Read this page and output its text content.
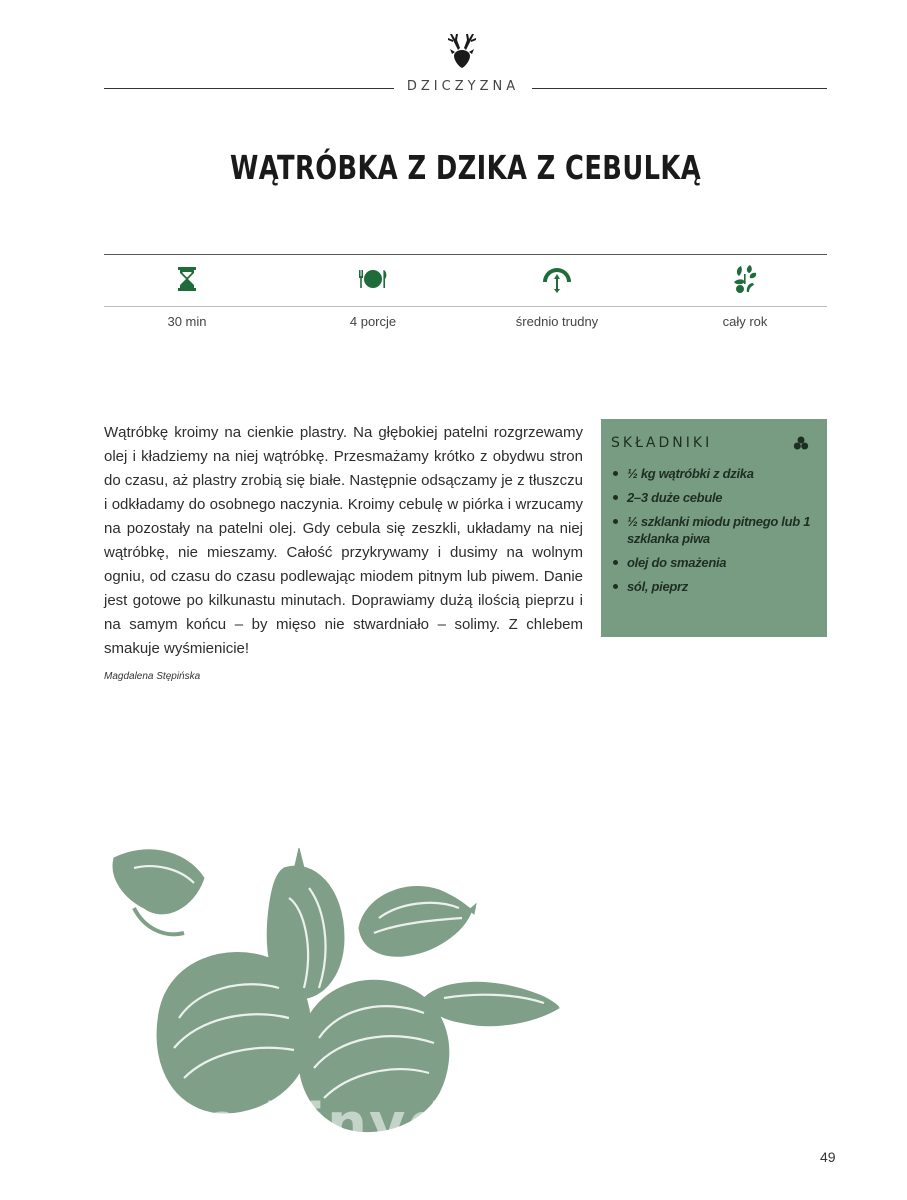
DZICZYZNA
WĄTRÓBKA Z DZIKA Z CEBULKĄ
30 min	4 porcje	średnio trudny	cały rok

Wątróbkę kroimy na cienkie plastry. Na głębokiej patelni rozgrzewamy olej i kładziemy na niej wątróbkę. Przesmażamy krótko z obydwu stron do czasu, aż plastry zrobią się białe. Następnie odsączamy je z tłuszczu i odkładamy do osobnego naczynia. Kroimy cebulę w piórka i wrzucamy na pozostały na patelni olej. Gdy cebula się zeszkli, układamy na niej wątróbkę, nie mieszamy. Całość przykrywamy i dusimy na wolnym ogniu, od czasu do czasu podlewając miodem pitnym lub piwem. Danie jest gotowe po kilkunastu minutach. Doprawiamy dużą ilością pieprzu i na samym końcu – by mięso nie stwardniało – solimy. Z chlebem smakuje wyśmienicie!

Magdalena Stępińska
SKŁADNIKI
½ kg wątróbki z dzika
2–3 duże cebule
½ szklanki miodu pitnego lub 1 szklanka piwa
olej do smażenia
sól, pieprz
wedlinydomowe.pl	49
